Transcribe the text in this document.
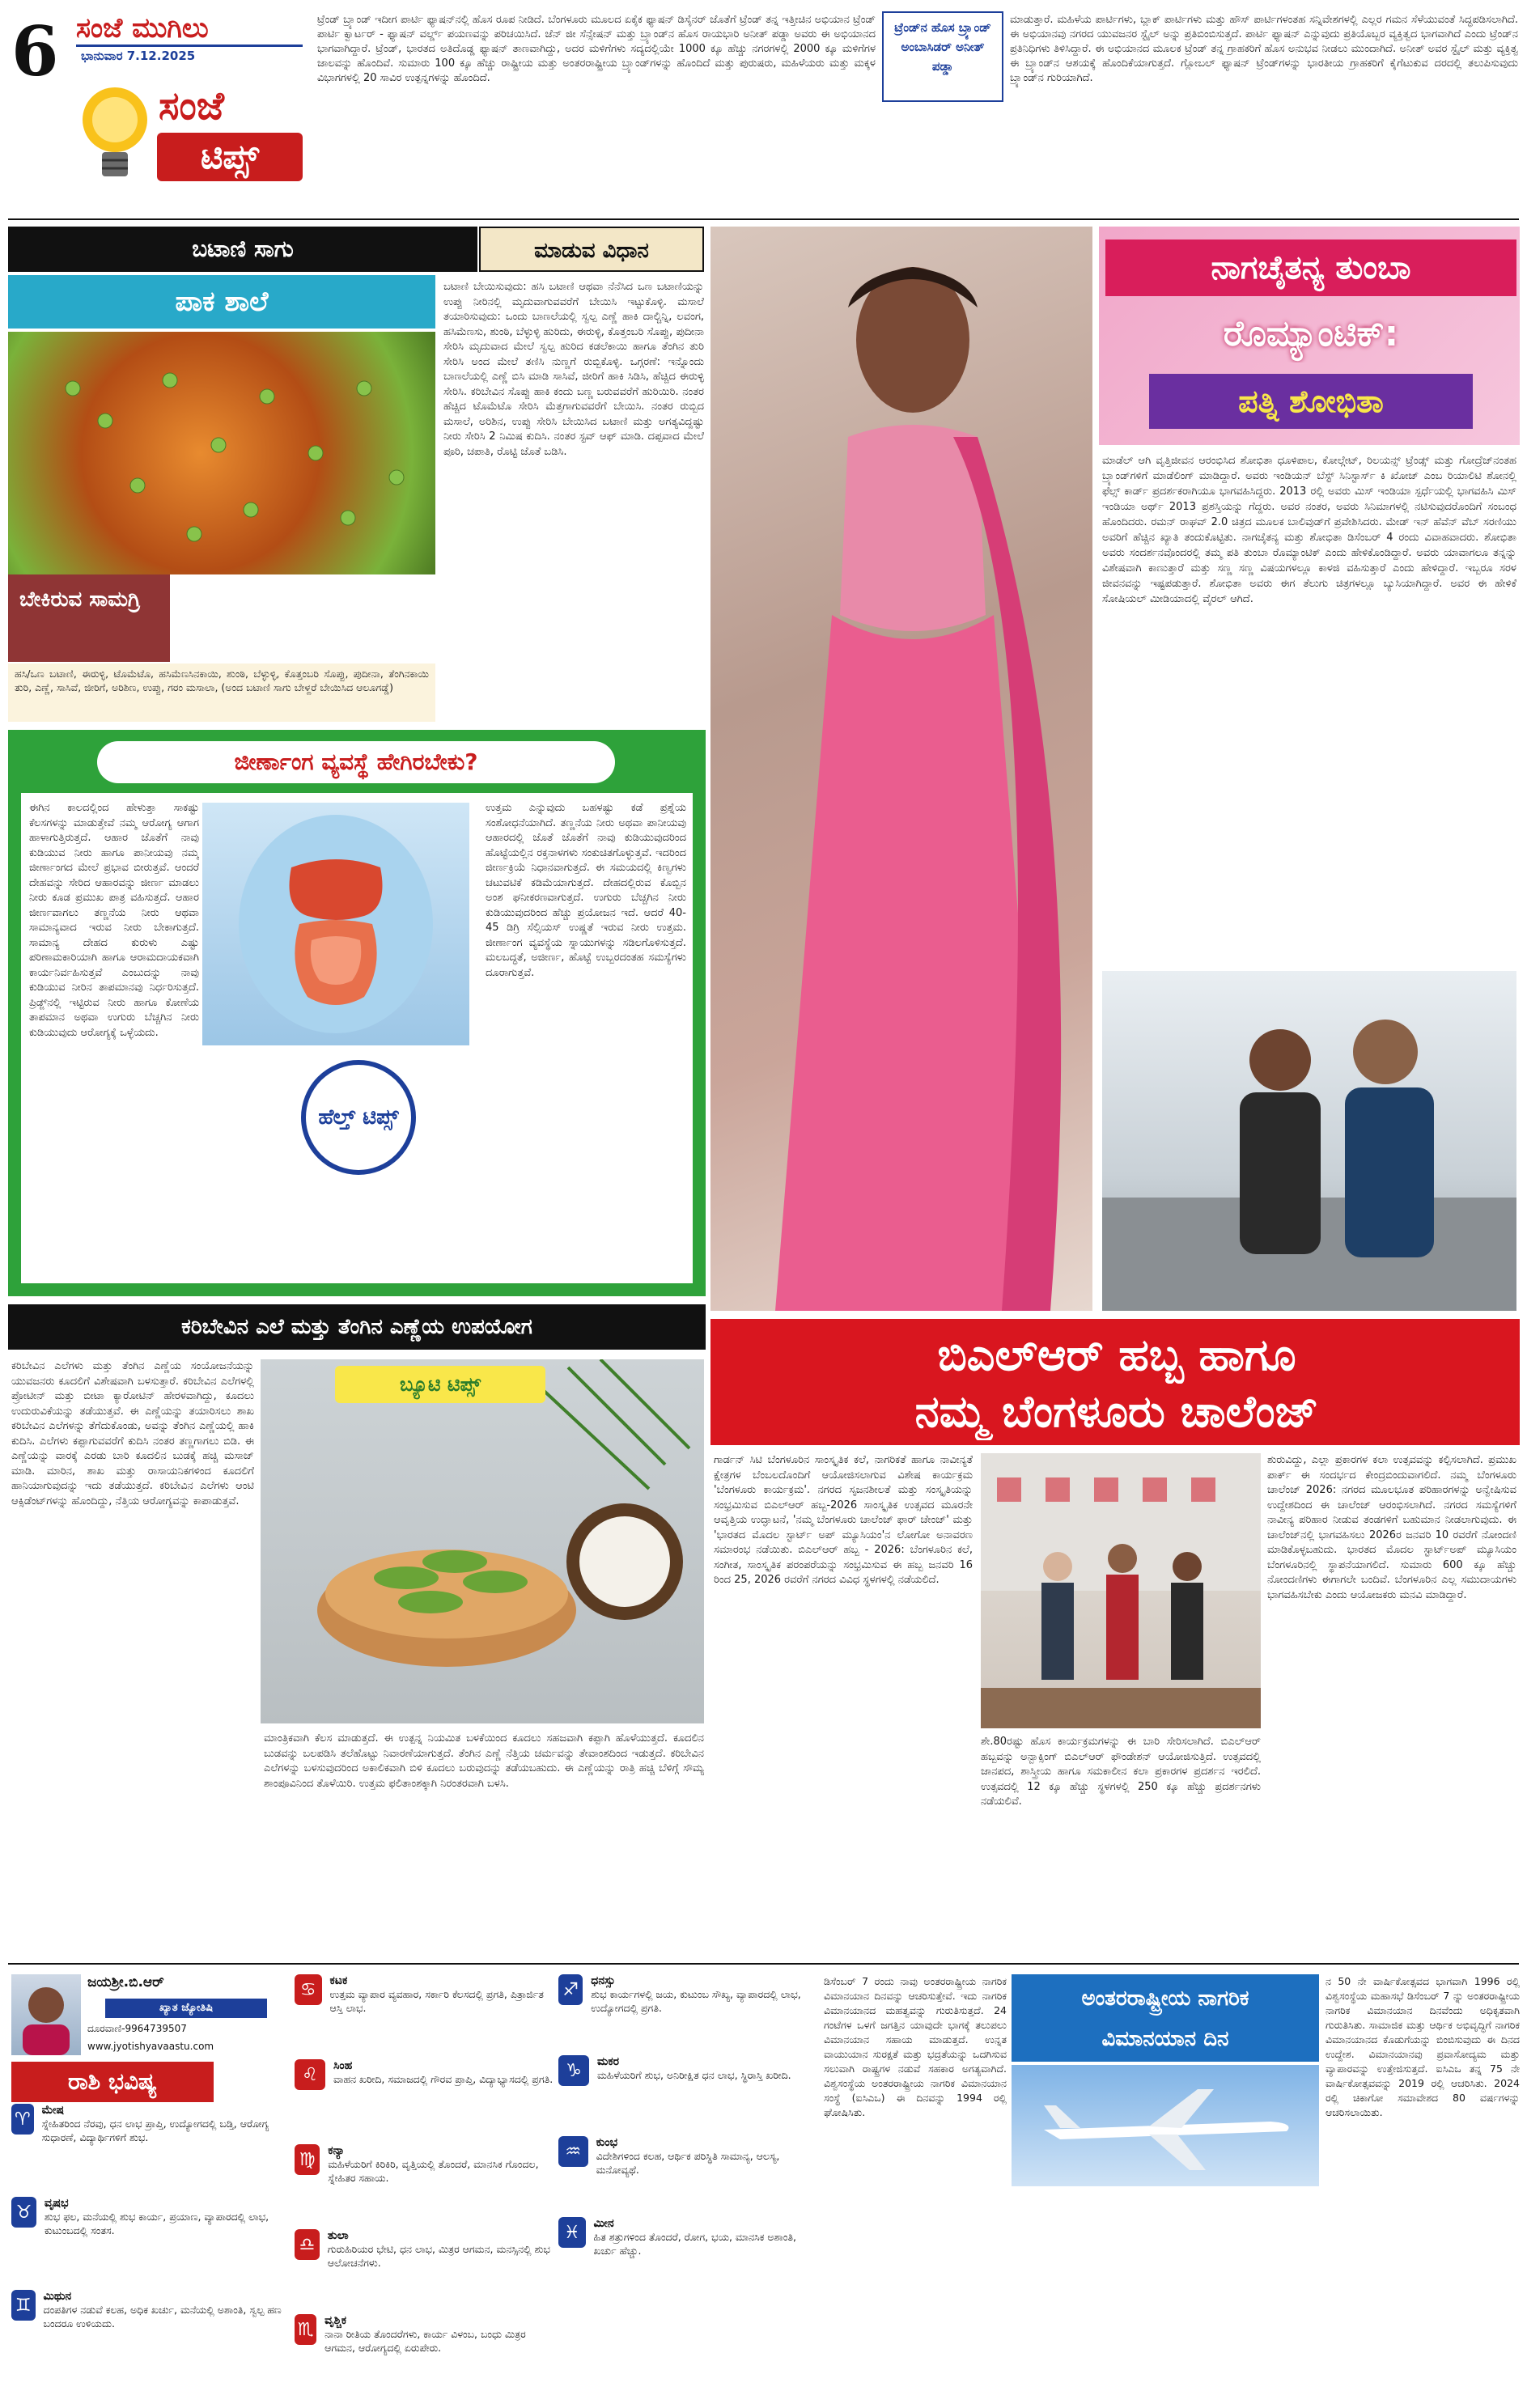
6 ಸಂಜೆ ಮುಗಿಲು
ಭಾನುವಾರ 7.12.2025
ಸಂಜೆ
ಟಿಪ್ಸ್
ಟ್ರೆಂಡ್ ಬ್ರ್ಯಾಂಡ್ ಇದೀಗ ಪಾರ್ಟಿ ಫ್ಯಾಷನ್‌ನಲ್ಲಿ ಹೊಸ ರೂಪ ನೀಡಿದೆ. ಬೆಂಗಳೂರು ಮೂಲದ ಏಕೈಕ ಫ್ಯಾಷನ್ ಡಿಸೈನರ್ ಜೊತೆಗೆ ಟ್ರೆಂಡ್ ತನ್ನ ಇತ್ತೀಚಿನ ಅಭಿಯಾನ ಟ್ರೆಂಡ್ ಪಾರ್ಟಿ ಕ್ವಾರ್ಟರ್ - ಫ್ಯಾಷನ್ ವರ್ಲ್ಡ್ ಪಯಣವನ್ನು ಪರಿಚಯಿಸಿದೆ. ಜೆನ್ ಜೀ ಸೆನ್ಸೇಷನ್ ಮತ್ತು ಬ್ರ್ಯಾಂಡ್‌ನ ಹೊಸ ರಾಯಭಾರಿ ಅನೀತ್ ಪಡ್ಡಾ ಅವರು ಈ ಅಭಿಯಾನದ ಭಾಗವಾಗಿದ್ದಾರೆ. ಟ್ರೆಂಡ್, ಭಾರತದ ಅತಿದೊಡ್ಡ ಫ್ಯಾಷನ್ ತಾಣವಾಗಿದ್ದು, ಅದರ ಮಳಿಗೆಗಳು ಸದ್ಯದಲ್ಲಿಯೇ 1000 ಕ್ಕೂ ಹೆಚ್ಚು ನಗರಗಳಲ್ಲಿ 2000 ಕ್ಕೂ ಮಳಿಗೆಗಳ ಜಾಲವನ್ನು ಹೊಂದಿವೆ. ಸುಮಾರು 100 ಕ್ಕೂ ಹೆಚ್ಚು ರಾಷ್ಟ್ರೀಯ ಮತ್ತು ಅಂತರರಾಷ್ಟ್ರೀಯ ಬ್ರ್ಯಾಂಡ್‌ಗಳನ್ನು ಹೊಂದಿದೆ ಮತ್ತು ಪುರುಷರು, ಮಹಿಳೆಯರು ಮತ್ತು ಮಕ್ಕಳ ವಿಭಾಗಗಳಲ್ಲಿ 20 ಸಾವಿರ ಉತ್ಪನ್ನಗಳನ್ನು ಹೊಂದಿದೆ.
ಟ್ರೆಂಡ್‌ನ ಹೊಸ ಬ್ರ್ಯಾಂಡ್ ಅಂಬಾಸಿಡರ್ ಅನೀತ್ ಪಡ್ಡಾ
ಮಾಡುತ್ತಾರೆ. ಮಹಿಳೆಯ ಪಾರ್ಟಿಗಳು, ಬ್ಲಾಕ್ ಪಾರ್ಟಿಗಳು ಮತ್ತು ಹೌಸ್ ಪಾರ್ಟಿಗಳಂತಹ ಸನ್ನಿವೇಶಗಳಲ್ಲಿ ಎಲ್ಲರ ಗಮನ ಸೆಳೆಯುವಂತೆ ಸಿದ್ಧಪಡಿಸಲಾಗಿದೆ. ಈ ಅಭಿಯಾನವು ನಗರದ ಯುವಜನರ ಸ್ಟೈಲ್ ಅನ್ನು ಪ್ರತಿಬಿಂಬಿಸುತ್ತದೆ. ಪಾರ್ಟಿ ಫ್ಯಾಷನ್ ಎನ್ನುವುದು ಪ್ರತಿಯೊಬ್ಬರ ವ್ಯಕ್ತಿತ್ವದ ಭಾಗವಾಗಿದೆ ಎಂದು ಟ್ರೆಂಡ್‌ನ ಪ್ರತಿನಿಧಿಗಳು ತಿಳಿಸಿದ್ದಾರೆ. ಈ ಅಭಿಯಾನದ ಮೂಲಕ ಟ್ರೆಂಡ್ ತನ್ನ ಗ್ರಾಹಕರಿಗೆ ಹೊಸ ಅನುಭವ ನೀಡಲು ಮುಂದಾಗಿದೆ. ಅನೀತ್ ಅವರ ಸ್ಟೈಲ್ ಮತ್ತು ವ್ಯಕ್ತಿತ್ವ ಈ ಬ್ರ್ಯಾಂಡ್‌ನ ಆಶಯಕ್ಕೆ ಹೊಂದಿಕೆಯಾಗುತ್ತದೆ. ಗ್ಲೋಬಲ್ ಫ್ಯಾಷನ್ ಟ್ರೆಂಡ್‌ಗಳನ್ನು ಭಾರತೀಯ ಗ್ರಾಹಕರಿಗೆ ಕೈಗೆಟುಕುವ ದರದಲ್ಲಿ ತಲುಪಿಸುವುದು ಬ್ರ್ಯಾಂಡ್‌ನ ಗುರಿಯಾಗಿದೆ.
ಬಟಾಣಿ ಸಾಗು	ಮಾಡುವ ವಿಧಾನ
ಪಾಕ ಶಾಲೆ
ಬೇಕಿರುವ ಸಾಮಗ್ರಿ
ಹಸಿ/ಒಣ ಬಟಾಣಿ, ಈರುಳ್ಳಿ, ಟೊಮೆಟೊ, ಹಸಿಮೆಣಸಿನಕಾಯಿ, ಶುಂಠಿ, ಬೆಳ್ಳುಳ್ಳಿ, ಕೊತ್ತಂಬರಿ ಸೊಪ್ಪು, ಪುದೀನಾ, ತೆಂಗಿನಕಾಯಿ ತುರಿ, ಎಣ್ಣೆ, ಸಾಸಿವೆ, ಜೀರಿಗೆ, ಅರಿಶಿಣ, ಉಪ್ಪು, ಗರಂ ಮಸಾಲಾ, (ಅಂದ ಬಟಾಣಿ ಸಾಗು ಬೇಳ್ದರೆ ಬೇಯಿಸಿದ ಆಲೂಗಡ್ಡೆ)
ಬಟಾಣಿ ಬೇಯಿಸುವುದು: ಹಸಿ ಬಟಾಣಿ ಆಥವಾ ನೆನೆಸಿದ ಒಣ ಬಟಾಣಿಯನ್ನು ಉಪ್ಪು ನೀರಿನಲ್ಲಿ ಮೃದುವಾಗುವವರೆಗೆ ಬೇಯಿಸಿ ಇಟ್ಟುಕೊಳ್ಳಿ. ಮಸಾಲೆ ತಯಾರಿಸುವುದು: ಒಂದು ಬಾಣಲೆಯಲ್ಲಿ ಸ್ವಲ್ಪ ಎಣ್ಣೆ ಹಾಕಿ ದಾಲ್ಚಿನ್ನಿ, ಲವಂಗ, ಹಸಿಮೆಣಸು, ಶುಂಠಿ, ಬೆಳ್ಳುಳ್ಳಿ ಹುರಿದು, ಈರುಳ್ಳಿ, ಕೊತ್ತಂಬರಿ ಸೊಪ್ಪು, ಪುದೀನಾ ಸೇರಿಸಿ ಮೃದುವಾದ ಮೇಲೆ ಸ್ವಲ್ಪ ಹುರಿದ ಕಡಲೆಕಾಯಿ ಹಾಗೂ ತೆಂಗಿನ ತುರಿ ಸೇರಿಸಿ ಅಂದ ಮೇಲೆ ತಣಿಸಿ ನುಣ್ಣಗೆ ರುಬ್ಬಿಕೊಳ್ಳಿ. ಒಗ್ಗರಣೆ: ಇನ್ನೊಂದು ಬಾಣಲೆಯಲ್ಲಿ ಎಣ್ಣೆ ಬಿಸಿ ಮಾಡಿ ಸಾಸಿವೆ, ಜೀರಿಗೆ ಹಾಕಿ ಸಿಡಿಸಿ, ಹೆಚ್ಚಿದ ಈರುಳ್ಳಿ ಸೇರಿಸಿ. ಕರಿಬೇವಿನ ಸೊಪ್ಪು ಹಾಕಿ ಕಂದು ಬಣ್ಣ ಬರುವವರೆಗೆ ಹುರಿಯಿರಿ. ನಂತರ ಹೆಚ್ಚಿದ ಟೊಮೆಟೊ ಸೇರಿಸಿ ಮೆತ್ತಗಾಗುವವರೆಗೆ ಬೇಯಿಸಿ. ನಂತರ ರುಬ್ಬಿದ ಮಸಾಲೆ, ಅರಿಶಿನ, ಉಪ್ಪು ಸೇರಿಸಿ ಬೇಯಿಸಿದ ಬಟಾಣಿ ಮತ್ತು ಅಗತ್ಯವಿದ್ದಷ್ಟು ನೀರು ಸೇರಿಸಿ 2 ನಿಮಿಷ ಕುದಿಸಿ. ನಂತರ ಸ್ಟವ್ ಆಫ್ ಮಾಡಿ. ದಪ್ಪವಾದ ಮೇಲೆ ಪೂರಿ, ಚಪಾತಿ, ರೊಟ್ಟಿ ಜೊತೆ ಬಡಿಸಿ.
ಜೀರ್ಣಾಂಗ ವ್ಯವಸ್ಥೆ ಹೇಗಿರಬೇಕು?
ಈಗಿನ ಕಾಲದಲ್ಲಿಂದ ಹೇಳುತ್ತಾ ಸಾಕಷ್ಟು ಕೆಲಸಗಳನ್ನು ಮಾಡುತ್ತೇವೆ ನಮ್ಮ ಆರೋಗ್ಯ ಆಗಾಗ ಹಾಳಾಗುತ್ತಿರುತ್ತದೆ. ಆಹಾರ ಜೊತೆಗೆ ನಾವು ಕುಡಿಯುವ ನೀರು ಹಾಗೂ ಪಾನೀಯವು ನಮ್ಮ ಜೀರ್ಣಾಂಗದ ಮೇಲೆ ಪ್ರಭಾವ ಬೀರುತ್ತವೆ. ಆಂದರೆ ದೇಹವನ್ನು ಸೇರಿದ ಆಹಾರವನ್ನು ಜೀರ್ಣ ಮಾಡಲು ನೀರು ಕೂಡ ಪ್ರಮುಖ ಪಾತ್ರ ವಹಿಸುತ್ತದೆ. ಆಹಾರ ಜೀರ್ಣವಾಗಲು ತಣ್ಣನೆಯ ನೀರು ಆಥವಾ ಸಾಮಾನ್ಯವಾದ ಇರುವ ನೀರು ಬೇಕಾಗುತ್ತದೆ. ಸಾಮಾನ್ಯ ದೇಹದ ಕುರುಳು ಎಷ್ಟು ಪರಿಣಾಮಕಾರಿಯಾಗಿ ಹಾಗೂ ಆರಾಮದಾಯಕವಾಗಿ ಕಾರ್ಯನಿರ್ವಹಿಸುತ್ತವೆ ಎಂಬುದನ್ನು ನಾವು ಕುಡಿಯುವ ನೀರಿನ ತಾಪಮಾನವು ನಿರ್ಧರಿಸುತ್ತದೆ. ಪ್ರಿಡ್ಜ್‌ನಲ್ಲಿ ಇಟ್ಟಿರುವ ನೀರು ಹಾಗೂ ಕೋಣೆಯ ತಾಪಮಾನ ಅಥವಾ ಉಗುರು ಬೆಚ್ಚಗಿನ ನೀರು ಕುಡಿಯುವುದು ಆರೋಗ್ಯಕ್ಕೆ ಒಳ್ಳೆಯದು.
ಹೆಲ್ತ್ ಟಿಪ್ಸ್
ಉತ್ತಮ ಎನ್ನುವುದು ಬಹಳಷ್ಟು ಕಡೆ ಪ್ರಶ್ನೆಯ ಸಂಶೋಧನೆಯಾಗಿದೆ. ತಣ್ಣನೆಯ ನೀರು ಅಥವಾ ಪಾನೀಯವು ಆಹಾರದಲ್ಲಿ ಜೊತೆ ಜೊತೆಗೆ ನಾವು ಕುಡಿಯುವುದರಿಂದ ಹೊಟ್ಟೆಯಲ್ಲಿನ ರಕ್ತನಾಳಗಳು ಸಂಕುಚಿತಗೊಳ್ಳುತ್ತವೆ. ಇದರಿಂದ ಜೀರ್ಣಕ್ರಿಯೆ ನಿಧಾನವಾಗುತ್ತದೆ. ಈ ಸಮಯದಲ್ಲಿ ಕಿಣ್ವಗಳು ಚಟುವಟಿಕೆ ಕಡಿಮೆಯಾಗುತ್ತದೆ. ದೇಹದಲ್ಲಿರುವ ಕೊಬ್ಬಿನ ಅಂಶ ಘನೀಕರಣವಾಗುತ್ತದೆ. ಉಗುರು ಬೆಚ್ಚಗಿನ ನೀರು ಕುಡಿಯುವುದರಿಂದ ಹೆಚ್ಚು ಪ್ರಯೋಜನ ಇದೆ. ಆದರೆ 40-45 ಡಿಗ್ರಿ ಸೆಲ್ಸಿಯಸ್ ಉಷ್ಣತೆ ಇರುವ ನೀರು ಉತ್ತಮ. ಜೀರ್ಣಾಂಗ ವ್ಯವಸ್ಥೆಯ ಸ್ನಾಯುಗಳನ್ನು ಸಡಿಲಗೊಳಿಸುತ್ತದೆ. ಮಲಬದ್ಧತೆ, ಅಜೀರ್ಣ, ಹೊಟ್ಟೆ ಉಬ್ಬರದಂತಹ ಸಮಸ್ಯೆಗಳು ದೂರಾಗುತ್ತವೆ.
ಕರಿಬೇವಿನ ಎಲೆ ಮತ್ತು ತೆಂಗಿನ ಎಣ್ಣೆಯ ಉಪಯೋಗ
ಕರಿಬೇವಿನ ಎಲೆಗಳು ಮತ್ತು ತೆಂಗಿನ ಎಣ್ಣೆಯ ಸಂಯೋಜನೆಯನ್ನು ಯುವಜನರು ಕೂದಲಿಗೆ ವಿಶೇಷವಾಗಿ ಬಳಸುತ್ತಾರೆ. ಕರಿಬೇವಿನ ಎಲೆಗಳಲ್ಲಿ ಪ್ರೋಟೀನ್ ಮತ್ತು ಬೀಟಾ ಕ್ಯಾರೋಟಿನ್ ಹೇರಳವಾಗಿದ್ದು, ಕೂದಲು ಉದುರುವಿಕೆಯನ್ನು ತಡೆಯುತ್ತವೆ. ಈ ಎಣ್ಣೆಯನ್ನು ತಯಾರಿಸಲು ಶಾಖ ಕರಿಬೇವಿನ ಎಲೆಗಳನ್ನು ತೆಗೆದುಕೊಂಡು, ಅವನ್ನು ತೆಂಗಿನ ಎಣ್ಣೆಯಲ್ಲಿ ಹಾಕಿ ಕುದಿಸಿ. ಎಲೆಗಳು ಕಪ್ಪಾಗುವವರೆಗೆ ಕುದಿಸಿ ನಂತರ ತಣ್ಣಗಾಗಲು ಬಿಡಿ. ಈ ಎಣ್ಣೆಯನ್ನು ವಾರಕ್ಕೆ ಎರಡು ಬಾರಿ ಕೂದಲಿನ ಬುಡಕ್ಕೆ ಹಚ್ಚಿ ಮಸಾಜ್ ಮಾಡಿ. ಮಾರಿನ, ಶಾಖ ಮತ್ತು ರಾಸಾಯನಿಕಗಳಿಂದ ಕೂದಲಿಗೆ ಹಾನಿಯಾಗುವುದನ್ನು ಇದು ತಡೆಯುತ್ತದೆ. ಕರಿಬೇವಿನ ಎಲೆಗಳು ಆಂಟಿ ಆಕ್ಸಿಡೆಂಟ್‌ಗಳನ್ನು ಹೊಂದಿದ್ದು, ನೆತ್ತಿಯ ಆರೋಗ್ಯವನ್ನು ಕಾಪಾಡುತ್ತವೆ.
ಬ್ಯೂಟಿ ಟಿಪ್ಸ್
ಮಾಂತ್ರಿಕವಾಗಿ ಕೆಲಸ ಮಾಡುತ್ತದೆ. ಈ ಉತ್ಪನ್ನ ನಿಯಮಿತ ಬಳಕೆಯಿಂದ ಕೂದಲು ಸಹಜವಾಗಿ ಕಪ್ಪಾಗಿ ಹೊಳೆಯುತ್ತದೆ. ಕೂದಲಿನ ಬುಡವನ್ನು ಬಲಪಡಿಸಿ ತಲೆಹೊಟ್ಟು ನಿವಾರಣೆಯಾಗುತ್ತದೆ. ತೆಂಗಿನ ಎಣ್ಣೆ ನೆತ್ತಿಯ ಚರ್ಮವನ್ನು ತೇವಾಂಶದಿಂದ ಇಡುತ್ತದೆ. ಕರಿಬೇವಿನ ಎಲೆಗಳನ್ನು ಬಳಸುವುದರಿಂದ ಅಕಾಲಿಕವಾಗಿ ಬಿಳಿ ಕೂದಲು ಬರುವುದನ್ನು ತಡೆಯಬಹುದು. ಈ ಎಣ್ಣೆಯನ್ನು ರಾತ್ರಿ ಹಚ್ಚಿ ಬೆಳಿಗ್ಗೆ ಸೌಮ್ಯ ಶಾಂಪೂವಿನಿಂದ ತೊಳೆಯಿರಿ. ಉತ್ತಮ ಫಲಿತಾಂಶಕ್ಕಾಗಿ ನಿರಂತರವಾಗಿ ಬಳಸಿ.
ನಾಗಚೈತನ್ಯ ತುಂಬಾ
ರೊಮ್ಯಾಂಟಿಕ್:
ಪತ್ನಿ ಶೋಭಿತಾ
ಮಾಡೆಲ್ ಆಗಿ ವೃತ್ತಿಜೀವನ ಆರಂಭಿಸಿದ ಶೋಭಿತಾ ಧೂಳಿಪಾಲ, ಕೋಲ್ಗೇಟ್, ರಿಲಯನ್ಸ್ ಟ್ರೆಂಡ್ಸ್ ಮತ್ತು ಗೋದ್ರೆಜ್‌ನಂತಹ ಬ್ರ್ಯಾಂಡ್‌ಗಳಿಗೆ ಮಾಡೆಲಿಂಗ್ ಮಾಡಿದ್ದಾರೆ. ಅವರು ಇಂಡಿಯನ್ ಬೆಸ್ಟ್ ಸಿನಿಸ್ಟಾರ್ಸ್ ಕಿ ಖೋಜ್ ಎಂಬ ರಿಯಾಲಿಟಿ ಶೋನಲ್ಲಿ ಫೆಲ್ಸ್ ಕಾರ್ಡ್ ಪ್ರದರ್ಶಕರಾಗಿಯೂ ಭಾಗವಹಿಸಿದ್ದರು. 2013 ರಲ್ಲಿ ಅವರು ಮಿಸ್ ಇಂಡಿಯಾ ಸ್ಪರ್ಧೆಯಲ್ಲಿ ಭಾಗವಹಿಸಿ ಮಿಸ್ ಇಂಡಿಯಾ ಅರ್ಥ್ 2013 ಪ್ರಶಸ್ತಿಯನ್ನು ಗೆದ್ದರು. ಅವರ ನಂತರ, ಅವರು ಸಿನಿಮಾಗಳಲ್ಲಿ ನಟಿಸುವುದರೊಂದಿಗೆ ಸಂಬಂಧ ಹೊಂದಿದರು. ರಮನ್ ರಾಘವ್ 2.0 ಚಿತ್ರದ ಮೂಲಕ ಬಾಲಿವುಡ್‌ಗೆ ಪ್ರವೇಶಿಸಿದರು. ಮೇಡ್ ಇನ್ ಹೆವೆನ್ ವೆಬ್ ಸರಣಿಯು ಅವರಿಗೆ ಹೆಚ್ಚಿನ ಖ್ಯಾತಿ ತಂದುಕೊಟ್ಟಿತು. ನಾಗಚೈತನ್ಯ ಮತ್ತು ಶೋಭಿತಾ ಡಿಸೆಂಬರ್ 4 ರಂದು ವಿವಾಹವಾದರು. ಶೋಭಿತಾ ಅವರು ಸಂದರ್ಶನವೊಂದರಲ್ಲಿ ತಮ್ಮ ಪತಿ ತುಂಬಾ ರೊಮ್ಯಾಂಟಿಕ್ ಎಂದು ಹೇಳಿಕೊಂಡಿದ್ದಾರೆ. ಅವರು ಯಾವಾಗಲೂ ತನ್ನನ್ನು ವಿಶೇಷವಾಗಿ ಕಾಣುತ್ತಾರೆ ಮತ್ತು ಸಣ್ಣ ಸಣ್ಣ ವಿಷಯಗಳಲ್ಲೂ ಕಾಳಜಿ ವಹಿಸುತ್ತಾರೆ ಎಂದು ಹೇಳಿದ್ದಾರೆ. ಇಬ್ಬರೂ ಸರಳ ಜೀವನವನ್ನು ಇಷ್ಟಪಡುತ್ತಾರೆ. ಶೋಭಿತಾ ಅವರು ಈಗ ತೆಲುಗು ಚಿತ್ರಗಳಲ್ಲೂ ಬ್ಯುಸಿಯಾಗಿದ್ದಾರೆ. ಅವರ ಈ ಹೇಳಿಕೆ ಸೋಷಿಯಲ್ ಮೀಡಿಯಾದಲ್ಲಿ ವೈರಲ್ ಆಗಿದೆ.
ಬಿಎಲ್‌ಆರ್ ಹಬ್ಬ ಹಾಗೂ
ನಮ್ಮ ಬೆಂಗಳೂರು ಚಾಲೆಂಜ್
ಗಾರ್ಡನ್ ಸಿಟಿ ಬೆಂಗಳೂರಿನ ಸಾಂಸ್ಕೃತಿಕ ಕಲೆ, ನಾಗರಿಕತೆ ಹಾಗೂ ನಾವೀನ್ಯತೆ ಕ್ಷೇತ್ರಗಳ ಬೆಂಬಲದೊಂದಿಗೆ ಆಯೋಜಿಸಲಾಗುವ ವಿಶೇಷ ಕಾರ್ಯಕ್ರಮ 'ಬೆಂಗಳೂರು ಕಾರ್ಯಕ್ರಮ'. ನಗರದ ಸೃಜನಶೀಲತೆ ಮತ್ತು ಸಂಸ್ಕೃತಿಯನ್ನು ಸಂಭ್ರಮಿಸುವ ಬಿಎಲ್‌ಆರ್ ಹಬ್ಬ-2026 ಸಾಂಸ್ಕೃತಿಕ ಉತ್ಸವದ ಮೂರನೇ ಆವೃತ್ತಿಯ ಉದ್ಘಾಟನೆ, 'ನಮ್ಮ ಬೆಂಗಳೂರು ಚಾಲೆಂಜ್ ಫಾರ್ ಚೇಂಜ್' ಮತ್ತು 'ಭಾರತದ ಮೊದಲ ಸ್ಟಾರ್ಟ್ ಅಪ್ ಮ್ಯೂಸಿಯಂ'ನ ಲೋಗೋ ಅನಾವರಣ ಸಮಾರಂಭ ನಡೆಯಿತು. ಬಿಎಲ್‌ಆರ್ ಹಬ್ಬ - 2026: ಬೆಂಗಳೂರಿನ ಕಲೆ, ಸಂಗೀತ, ಸಾಂಸ್ಕೃತಿಕ ಪರಂಪರೆಯನ್ನು ಸಂಭ್ರಮಿಸುವ ಈ ಹಬ್ಬ ಜನವರಿ 16 ರಿಂದ 25, 2026 ರವರೆಗೆ ನಗರದ ವಿವಿಧ ಸ್ಥಳಗಳಲ್ಲಿ ನಡೆಯಲಿದೆ.
ಶೇ.80ರಷ್ಟು ಹೊಸ ಕಾರ್ಯಕ್ರಮಗಳನ್ನು ಈ ಬಾರಿ ಸೇರಿಸಲಾಗಿದೆ. ಬಿಎಲ್‌ಆರ್ ಹಬ್ಬವನ್ನು ಅನ್ಬಾಕ್ಸಿಂಗ್ ಬಿಎಲ್‌ಆರ್ ಫೌಂಡೇಶನ್ ಆಯೋಜಿಸುತ್ತಿದೆ. ಉತ್ಸವದಲ್ಲಿ ಜಾನಪದ, ಶಾಸ್ತ್ರೀಯ ಹಾಗೂ ಸಮಕಾಲೀನ ಕಲಾ ಪ್ರಕಾರಗಳ ಪ್ರದರ್ಶನ ಇರಲಿದೆ. ಉತ್ಸವದಲ್ಲಿ 12 ಕ್ಕೂ ಹೆಚ್ಚು ಸ್ಥಳಗಳಲ್ಲಿ 250 ಕ್ಕೂ ಹೆಚ್ಚು ಪ್ರದರ್ಶನಗಳು ನಡೆಯಲಿವೆ.
ಶುರುವಿದ್ದು, ಎಲ್ಲಾ ಪ್ರಕಾರಗಳ ಕಲಾ ಉತ್ಸವವನ್ನು ಕಲ್ಪಿಸಲಾಗಿದೆ. ಪ್ರಮುಖ ಪಾರ್ಕ್ ಈ ಸಂದರ್ಭದ ಕೇಂದ್ರಬಿಂದುವಾಗಲಿದೆ. ನಮ್ಮ ಬೆಂಗಳೂರು ಚಾಲೆಂಜ್ 2026: ನಗರದ ಮೂಲಭೂತ ಪರಿಹಾರಗಳನ್ನು ಅನ್ವೇಷಿಸುವ ಉದ್ದೇಶದಿಂದ ಈ ಚಾಲೆಂಜ್ ಆರಂಭಿಸಲಾಗಿದೆ. ನಗರದ ಸಮಸ್ಯೆಗಳಿಗೆ ನಾವೀನ್ಯ ಪರಿಹಾರ ನೀಡುವ ತಂಡಗಳಿಗೆ ಬಹುಮಾನ ನೀಡಲಾಗುವುದು. ಈ ಚಾಲೆಂಜ್‌ನಲ್ಲಿ ಭಾಗವಹಿಸಲು 2026ರ ಜನವರಿ 10 ರವರೆಗೆ ನೋಂದಣಿ ಮಾಡಿಕೊಳ್ಳಬಹುದು. ಭಾರತದ ಮೊದಲ ಸ್ಟಾರ್ಟ್‌ಅಪ್ ಮ್ಯೂಸಿಯಂ ಬೆಂಗಳೂರಿನಲ್ಲಿ ಸ್ಥಾಪನೆಯಾಗಲಿದೆ. ಸುಮಾರು 600 ಕ್ಕೂ ಹೆಚ್ಚು ನೋಂದಣಿಗಳು ಈಗಾಗಲೇ ಬಂದಿವೆ. ಬೆಂಗಳೂರಿನ ಎಲ್ಲ ಸಮುದಾಯಗಳು ಭಾಗವಹಿಸಬೇಕು ಎಂದು ಆಯೋಜಕರು ಮನವಿ ಮಾಡಿದ್ದಾರೆ.
ಜಯಶ್ರೀ.ಬಿ.ಆರ್
ಖ್ಯಾತ ಜ್ಯೋತಿಷಿ
ದೂರವಾಣಿ-9964739507
www.jyotishyavaastu.com
ರಾಶಿ ಭವಿಷ್ಯ
♈ ಮೇಷ
ಸ್ನೇಹಿತರಿಂದ ನೆರವು, ಧನ ಲಾಭ ಪ್ರಾಪ್ತಿ, ಉದ್ಯೋಗದಲ್ಲಿ ಬಡ್ತಿ, ಆರೋಗ್ಯ ಸುಧಾರಣೆ, ವಿದ್ಯಾರ್ಥಿಗಳಿಗೆ ಶುಭ.
♉	ವೃಷಭ
ಶುಭ ಫಲ, ಮನೆಯಲ್ಲಿ ಶುಭ ಕಾರ್ಯ, ಪ್ರಯಾಣ, ವ್ಯಾಪಾರದಲ್ಲಿ ಲಾಭ, ಕುಟುಂಬದಲ್ಲಿ ಸಂತಸ.
♊	ಮಿಥುನ
ದಂಪತಿಗಳ ನಡುವೆ ಕಲಹ, ಅಧಿಕ ಖರ್ಚು, ಮನೆಯಲ್ಲಿ ಅಶಾಂತಿ, ಸ್ವಲ್ಪ ಹಣ ಬಂದರೂ ಉಳಿಯದು.
♋	ಕಟಕ
ಉತ್ತಮ ವ್ಯಾಪಾರ ವ್ಯವಹಾರ, ಸರ್ಕಾರಿ ಕೆಲಸದಲ್ಲಿ ಪ್ರಗತಿ, ಪಿತ್ರಾರ್ಜಿತ ಆಸ್ತಿ ಲಾಭ.
♌	ಸಿಂಹ
ವಾಹನ ಖರೀದಿ, ಸಮಾಜದಲ್ಲಿ ಗೌರವ ಪ್ರಾಪ್ತಿ, ವಿದ್ಯಾಭ್ಯಾಸದಲ್ಲಿ ಪ್ರಗತಿ.
♍	ಕನ್ಯಾ
ಮಹಿಳೆಯರಿಗೆ ಕಿರಿಕಿರಿ, ವೃತ್ತಿಯಲ್ಲಿ ತೊಂದರೆ, ಮಾನಸಿಕ ಗೊಂದಲ, ಸ್ನೇಹಿತರ ಸಹಾಯ.
♎	ತುಲಾ
ಗುರುಹಿರಿಯರ ಭೇಟಿ, ಧನ ಲಾಭ, ಮಿತ್ರರ ಆಗಮನ, ಮನಸ್ಸಿನಲ್ಲಿ ಶುಭ ಆಲೋಚನೆಗಳು.
♏ ವೃಶ್ಚಿಕ
ನಾನಾ ರೀತಿಯ ತೊಂದರೆಗಳು, ಕಾರ್ಯ ವಿಳಂಬ, ಬಂಧು ಮಿತ್ರರ ಆಗಮನ, ಆರೋಗ್ಯದಲ್ಲಿ ಏರುಪೇರು.
♐	ಧನಸ್ಸು
ಶುಭ ಕಾರ್ಯಗಳಲ್ಲಿ ಜಯ, ಕುಟುಂಬ ಸೌಖ್ಯ, ವ್ಯಾಪಾರದಲ್ಲಿ ಲಾಭ, ಉದ್ಯೋಗದಲ್ಲಿ ಪ್ರಗತಿ.
♑	ಮಕರ
ಮಹಿಳೆಯರಿಗೆ ಶುಭ, ಅನಿರೀಕ್ಷಿತ ಧನ ಲಾಭ, ಸ್ಥಿರಾಸ್ತಿ ಖರೀದಿ.
♒	ಕುಂಭ
ವಿದೇಶಿಗಳಿಂದ ಕಲಹ, ಆರ್ಥಿಕ ಪರಿಸ್ಥಿತಿ ಸಾಮಾನ್ಯ, ಆಲಸ್ಯ, ಮನೋವ್ಯಥೆ.
♓	ಮೀನ
ಹಿತ ಶತ್ರುಗಳಿಂದ ತೊಂದರೆ, ರೋಗ, ಭಯ, ಮಾನಸಿಕ ಅಶಾಂತಿ, ಖರ್ಚು ಹೆಚ್ಚು.
ಅಂತರರಾಷ್ಟ್ರೀಯ ನಾಗರಿಕ
ವಿಮಾನಯಾನ ದಿನ
ಡಿಸೆಂಬರ್ 7 ರಂದು ನಾವು ಅಂತರರಾಷ್ಟ್ರೀಯ ನಾಗರಿಕ ವಿಮಾನಯಾನ ದಿನವನ್ನು ಆಚರಿಸುತ್ತೇವೆ. ಇದು ನಾಗರಿಕ ವಿಮಾನಯಾನದ ಮಹತ್ವವನ್ನು ಗುರುತಿಸುತ್ತದೆ. 24 ಗಂಟೆಗಳ ಒಳಗೆ ಜಗತ್ತಿನ ಯಾವುದೇ ಭಾಗಕ್ಕೆ ತಲುಪಲು ವಿಮಾನಯಾನ ಸಹಾಯ ಮಾಡುತ್ತದೆ. ಉನ್ನತ ವಾಯುಯಾನ ಸುರಕ್ಷತೆ ಮತ್ತು ಭದ್ರತೆಯನ್ನು ಒದಗಿಸುವ ಸಲುವಾಗಿ ರಾಷ್ಟ್ರಗಳ ನಡುವೆ ಸಹಕಾರ ಅಗತ್ಯವಾಗಿದೆ. ವಿಶ್ವಸಂಸ್ಥೆಯ ಅಂತರರಾಷ್ಟ್ರೀಯ ನಾಗರಿಕ ವಿಮಾನಯಾನ ಸಂಸ್ಥೆ (ಐಸಿಎಒ) ಈ ದಿನವನ್ನು 1994 ರಲ್ಲಿ ಘೋಷಿಸಿತು.
ನ 50 ನೇ ವಾರ್ಷಿಕೋತ್ಸವದ ಭಾಗವಾಗಿ 1996 ರಲ್ಲಿ ವಿಶ್ವಸಂಸ್ಥೆಯ ಮಹಾಸಭೆ ಡಿಸೆಂಬರ್ 7 ನ್ನು ಅಂತರರಾಷ್ಟ್ರೀಯ ನಾಗರಿಕ ವಿಮಾನಯಾನ ದಿನವೆಂದು ಅಧಿಕೃತವಾಗಿ ಗುರುತಿಸಿತು. ಸಾಮಾಜಿಕ ಮತ್ತು ಆರ್ಥಿಕ ಅಭಿವೃದ್ಧಿಗೆ ನಾಗರಿಕ ವಿಮಾನಯಾನದ ಕೊಡುಗೆಯನ್ನು ಬಿಂಬಿಸುವುದು ಈ ದಿನದ ಉದ್ದೇಶ. ವಿಮಾನಯಾನವು ಪ್ರವಾಸೋದ್ಯಮ ಮತ್ತು ವ್ಯಾಪಾರವನ್ನು ಉತ್ತೇಜಿಸುತ್ತದೆ. ಐಸಿಎಒ ತನ್ನ 75 ನೇ ವಾರ್ಷಿಕೋತ್ಸವವನ್ನು 2019 ರಲ್ಲಿ ಆಚರಿಸಿತು. 2024 ರಲ್ಲಿ ಚಿಕಾಗೋ ಸಮಾವೇಶದ 80 ವರ್ಷಗಳನ್ನು ಆಚರಿಸಲಾಯಿತು.
